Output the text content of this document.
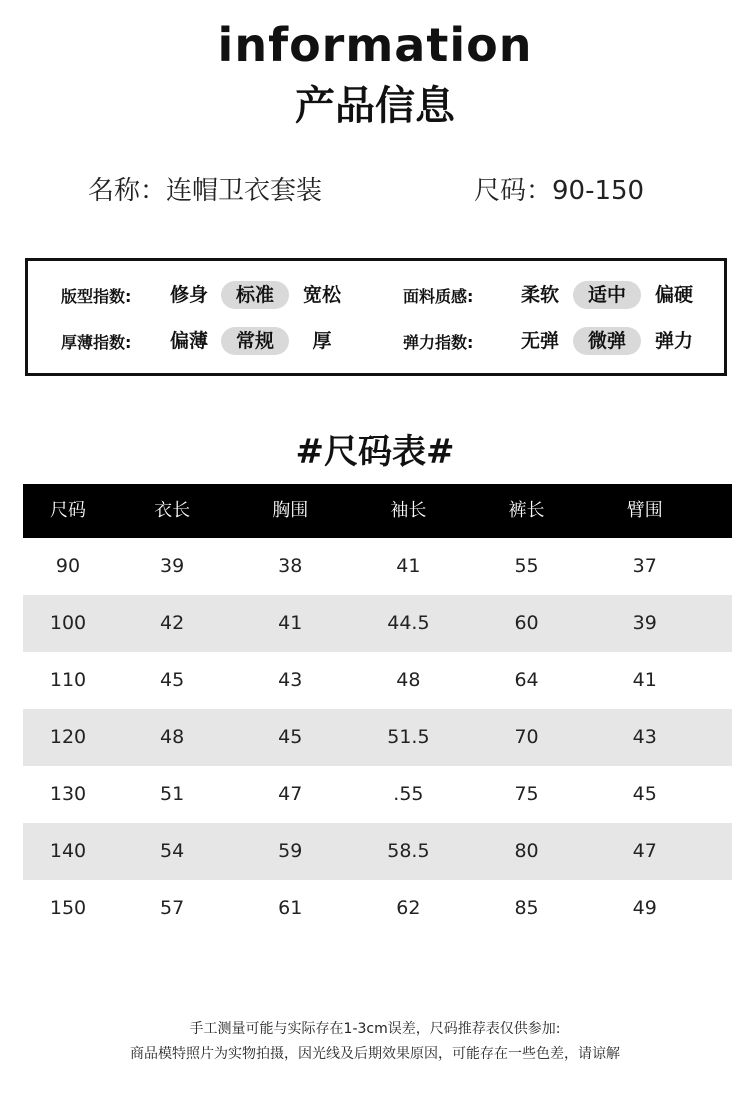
information
产品信息
名称：连帽卫衣套装	尺码：90-150
版型指数:	修身	标准	宽松	面料质感:	柔软	适中	偏硬
厚薄指数:	偏薄	常规	厚	弹力指数:	无弹	微弹	弹力
#尺码表#
尺码	衣长	胸围	袖长	裤长	臂围
90	39	38	41	55	37
100	42	41	44.5	60	39
110	45	43	48	64	41
120	48	45	51.5	70	43
130	51	47	.55	75	45
140	54	59	58.5	80	47
150	57	61	62	85	49
手工测量可能与实际存在1-3cm误差，尺码推荐表仅供参加:
商品模特照片为实物拍摄，因光线及后期效果原因，可能存在一些色差，请谅解
